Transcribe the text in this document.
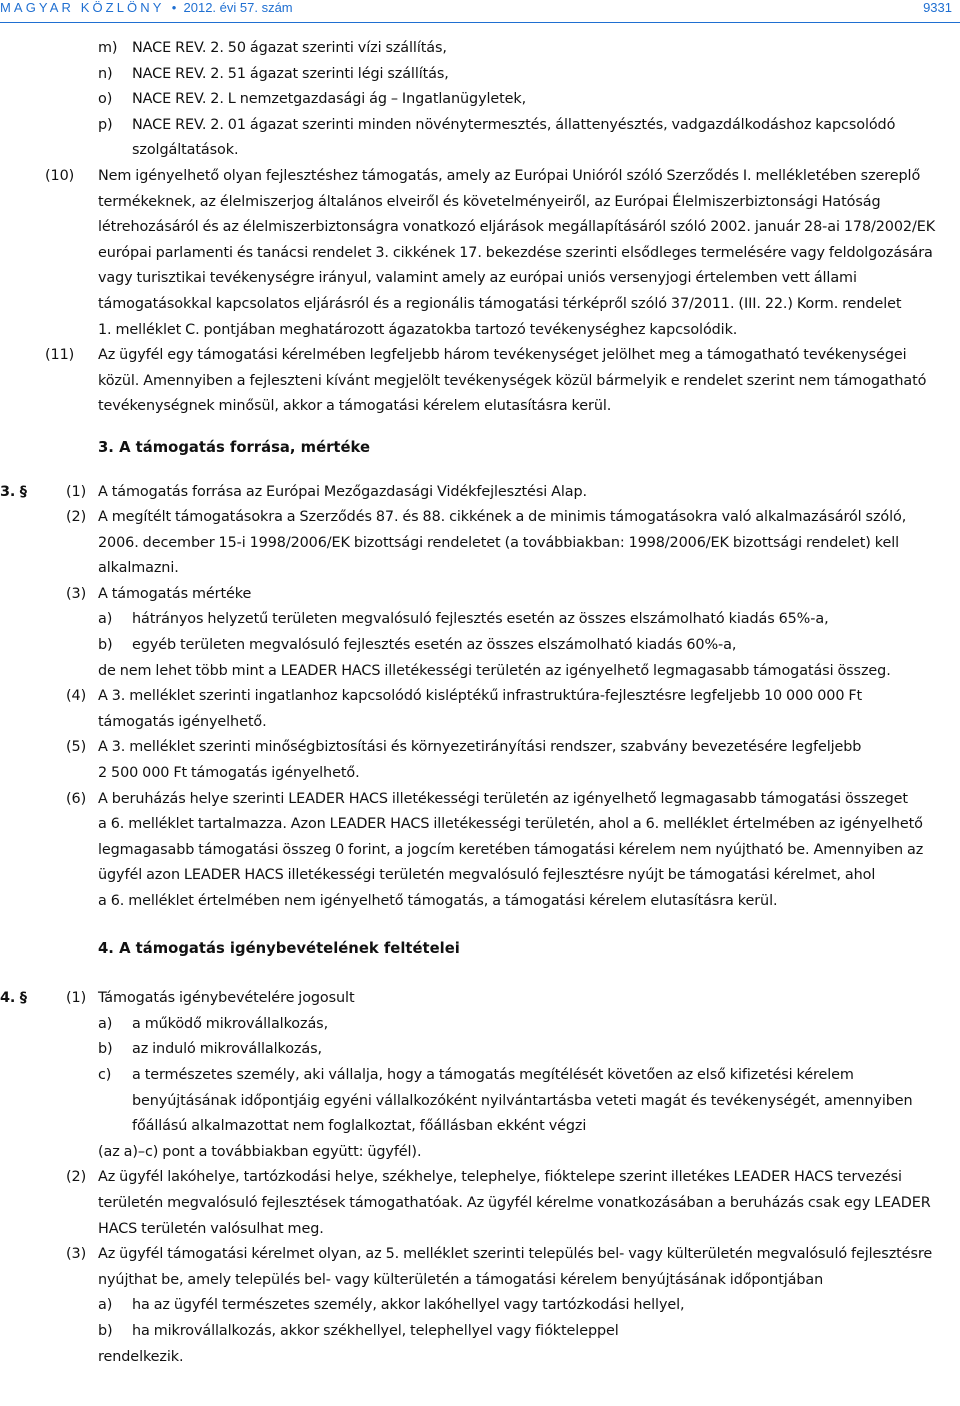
MAGYAR KÖZLÖNY  •  2012. évi 57. szám	9331
m)	NACE REV. 2. 50 ágazat szerinti vízi szállítás,
n)	NACE REV. 2. 51 ágazat szerinti légi szállítás,
o)	NACE REV. 2. L nemzetgazdasági ág – Ingatlanügyletek,
p)	NACE REV. 2. 01 ágazat szerinti minden növénytermesztés, állattenyésztés, vadgazdálkodáshoz kapcsolódó
szolgáltatások.
(10)	Nem igényelhető olyan fejlesztéshez támogatás, amely az Európai Unióról szóló Szerződés I. mellékletében szereplő
termékeknek, az élelmiszerjog általános elveiről és követelményeiről, az Európai Élelmiszerbiztonsági Hatóság
létrehozásáról és az élelmiszerbiztonságra vonatkozó eljárások megállapításáról szóló 2002. január 28-ai 178/2002/EK
európai parlamenti és tanácsi rendelet 3. cikkének 17. bekezdése szerinti elsődleges termelésére vagy feldolgozására
vagy turisztikai tevékenységre irányul, valamint amely az európai uniós versenyjogi értelemben vett állami
támogatásokkal kapcsolatos eljárásról és a regionális támogatási térképről szóló 37/2011. (III. 22.) Korm. rendelet
1. melléklet C. pontjában meghatározott ágazatokba tartozó tevékenységhez kapcsolódik.
(11)	Az ügyfél egy támogatási kérelmében legfeljebb három tevékenységet jelölhet meg a támogatható tevékenységei
közül. Amennyiben a fejleszteni kívánt megjelölt tevékenységek közül bármelyik e rendelet szerint nem támogatható
tevékenységnek minősül, akkor a támogatási kérelem elutasításra kerül.
3. A támogatás forrása, mértéke
3. §	(1) A támogatás forrása az Európai Mezőgazdasági Vidékfejlesztési Alap.
(2) A megítélt támogatásokra a Szerződés 87. és 88. cikkének a de minimis támogatásokra való alkalmazásáról szóló,
2006. december 15-i 1998/2006/EK bizottsági rendeletet (a továbbiakban: 1998/2006/EK bizottsági rendelet) kell
alkalmazni.
(3) A támogatás mértéke
a)	hátrányos helyzetű területen megvalósuló fejlesztés esetén az összes elszámolható kiadás 65%-a,
b)	egyéb területen megvalósuló fejlesztés esetén az összes elszámolható kiadás 60%-a,
de nem lehet több mint a LEADER HACS illetékességi területén az igényelhető legmagasabb támogatási összeg.
(4) A 3. melléklet szerinti ingatlanhoz kapcsolódó kisléptékű infrastruktúra-fejlesztésre legfeljebb 10 000 000 Ft
támogatás igényelhető.
(5) A 3. melléklet szerinti minőségbiztosítási és környezetirányítási rendszer, szabvány bevezetésére legfeljebb
2 500 000 Ft támogatás igényelhető.
(6) A beruházás helye szerinti LEADER HACS illetékességi területén az igényelhető legmagasabb támogatási összeget
a 6. melléklet tartalmazza. Azon LEADER HACS illetékességi területén, ahol a 6. melléklet értelmében az igényelhető
legmagasabb támogatási összeg 0 forint, a jogcím keretében támogatási kérelem nem nyújtható be. Amennyiben az
ügyfél azon LEADER HACS illetékességi területén megvalósuló fejlesztésre nyújt be támogatási kérelmet, ahol
a 6. melléklet értelmében nem igényelhető támogatás, a támogatási kérelem elutasításra kerül.
4. A támogatás igénybevételének feltételei
4. §	(1) Támogatás igénybevételére jogosult
a)	a működő mikrovállalkozás,
b)	az induló mikrovállalkozás,
c)	a természetes személy, aki vállalja, hogy a támogatás megítélését követően az első kifizetési kérelem
benyújtásának időpontjáig egyéni vállalkozóként nyilvántartásba veteti magát és tevékenységét, amennyiben
főállású alkalmazottat nem foglalkoztat, főállásban ekként végzi
(az a)–c) pont a továbbiakban együtt: ügyfél).
(2) Az ügyfél lakóhelye, tartózkodási helye, székhelye, telephelye, fióktelepe szerint illetékes LEADER HACS tervezési
területén megvalósuló fejlesztések támogathatóak. Az ügyfél kérelme vonatkozásában a beruházás csak egy LEADER
HACS területén valósulhat meg.
(3) Az ügyfél támogatási kérelmet olyan, az 5. melléklet szerinti település bel- vagy külterületén megvalósuló fejlesztésre
nyújthat be, amely település bel- vagy külterületén a támogatási kérelem benyújtásának időpontjában
a)	ha az ügyfél természetes személy, akkor lakóhellyel vagy tartózkodási hellyel,
b)	ha mikrovállalkozás, akkor székhellyel, telephellyel vagy fiókteleppel
rendelkezik.
